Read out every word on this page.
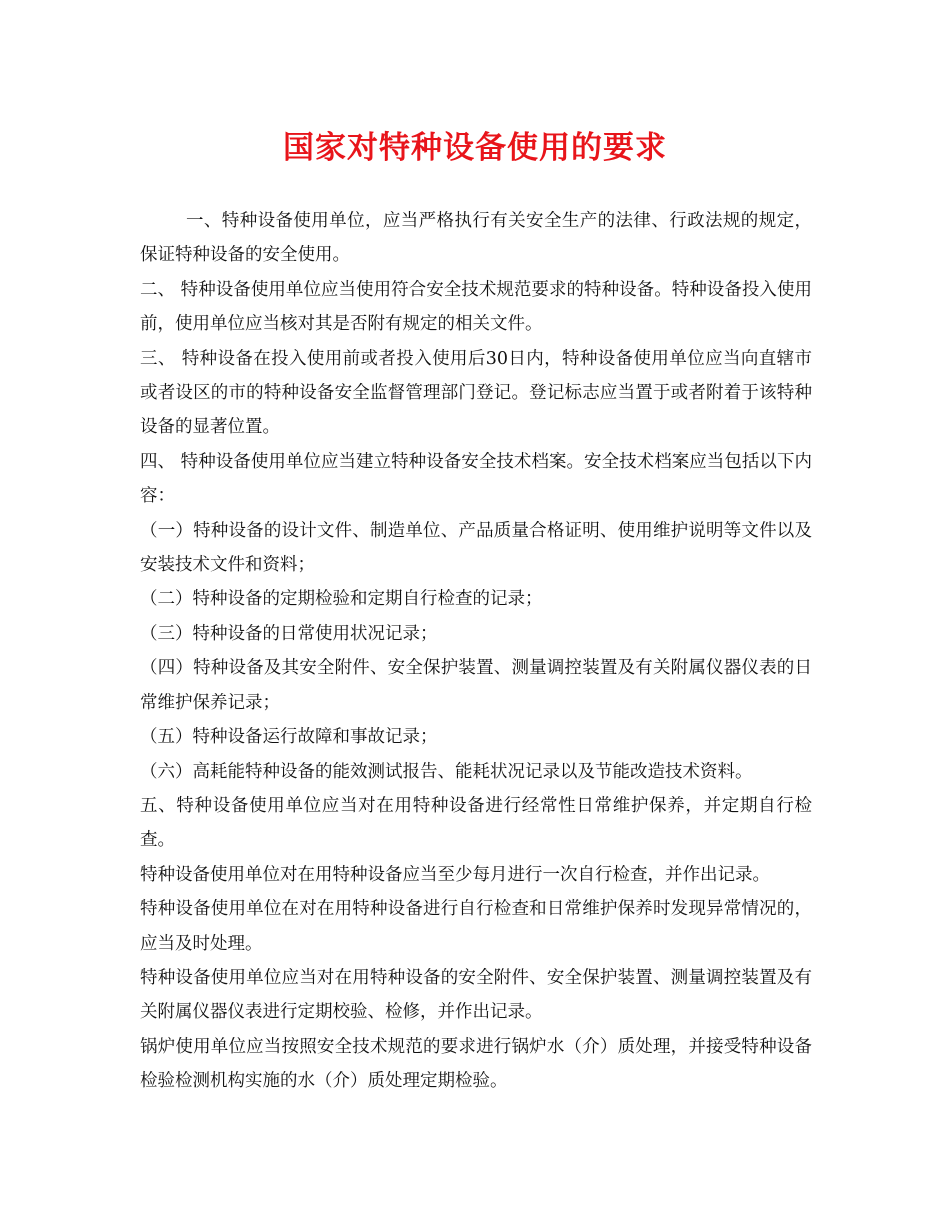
国家对特种设备使用的要求

一、特种设备使用单位，应当严格执行有关安全生产的法律、行政法规的规定，保证特种设备的安全使用。

二、 特种设备使用单位应当使用符合安全技术规范要求的特种设备。特种设备投入使用前，使用单位应当核对其是否附有规定的相关文件。

三、 特种设备在投入使用前或者投入使用后30日内，特种设备使用单位应当向直辖市或者设区的市的特种设备安全监督管理部门登记。登记标志应当置于或者附着于该特种设备的显著位置。

四、 特种设备使用单位应当建立特种设备安全技术档案。安全技术档案应当包括以下内容：

（一）特种设备的设计文件、制造单位、产品质量合格证明、使用维护说明等文件以及安装技术文件和资料；

（二）特种设备的定期检验和定期自行检查的记录；

（三）特种设备的日常使用状况记录；

（四）特种设备及其安全附件、安全保护装置、测量调控装置及有关附属仪器仪表的日常维护保养记录；

（五）特种设备运行故障和事故记录；

（六）高耗能特种设备的能效测试报告、能耗状况记录以及节能改造技术资料。

五、特种设备使用单位应当对在用特种设备进行经常性日常维护保养，并定期自行检查。

特种设备使用单位对在用特种设备应当至少每月进行一次自行检查，并作出记录。

特种设备使用单位在对在用特种设备进行自行检查和日常维护保养时发现异常情况的，应当及时处理。

特种设备使用单位应当对在用特种设备的安全附件、安全保护装置、测量调控装置及有关附属仪器仪表进行定期校验、检修，并作出记录。

锅炉使用单位应当按照安全技术规范的要求进行锅炉水（介）质处理，并接受特种设备检验检测机构实施的水（介）质处理定期检验。
